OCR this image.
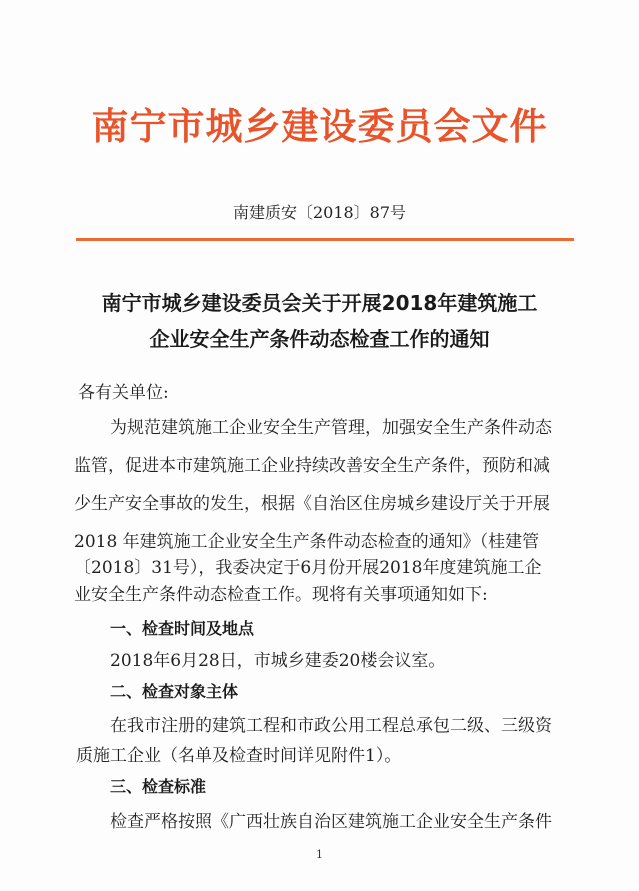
南宁市城乡建设委员会文件
南建质安〔2018〕87号
南宁市城乡建设委员会关于开展2018年建筑施工
企业安全生产条件动态检查工作的通知
各有关单位:
为规范建筑施工企业安全生产管理，加强安全生产条件动态
监管，促进本市建筑施工企业持续改善安全生产条件，预防和减
少生产安全事故的发生，根据《自治区住房城乡建设厅关于开展
2018 年建筑施工企业安全生产条件动态检查的通知》（桂建管
〔2018〕31号），我委决定于6月份开展2018年度建筑施工企
业安全生产条件动态检查工作。现将有关事项通知如下:
一、检查时间及地点
2018年6月28日，市城乡建委20楼会议室。
二、检查对象主体
在我市注册的建筑工程和市政公用工程总承包二级、三级资
质施工企业（名单及检查时间详见附件1）。
三、检查标准
检查严格按照《广西壮族自治区建筑施工企业安全生产条件
1
